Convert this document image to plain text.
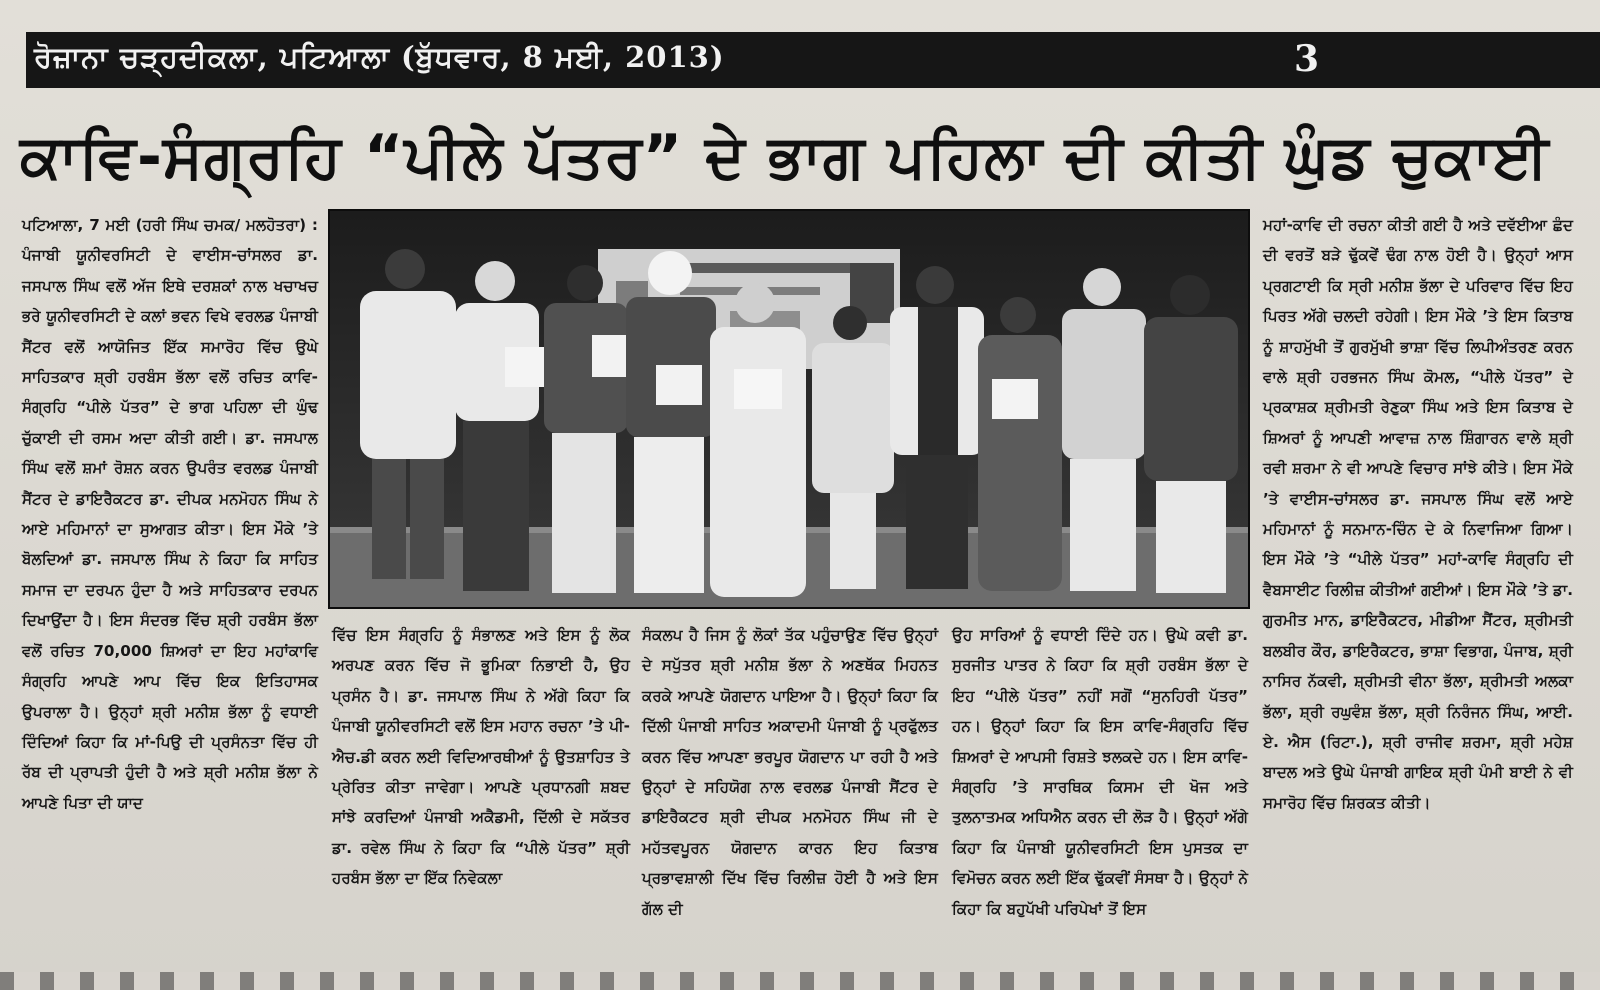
ਰੋਜ਼ਾਨਾ ਚੜ੍ਹਦੀਕਲਾ, ਪਟਿਆਲਾ (ਬੁੱਧਵਾਰ, 8 ਮਈ, 2013)	3
ਕਾਵਿ-ਸੰਗ੍ਰਹਿ “ਪੀਲੇ ਪੱਤਰ” ਦੇ ਭਾਗ ਪਹਿਲਾ ਦੀ ਕੀਤੀ ਘੁੰਡ ਚੁਕਾਈ

ਪਟਿਆਲਾ, 7 ਮਈ (ਹਰੀ ਸਿੰਘ ਚਮਕ/ ਮਲਹੋਤਰਾ) : ਪੰਜਾਬੀ ਯੂਨੀਵਰਸਿਟੀ ਦੇ ਵਾਈਸ-ਚਾਂਸਲਰ ਡਾ. ਜਸਪਾਲ ਸਿੰਘ ਵਲੋਂ ਅੱਜ ਇਥੇ ਦਰਸ਼ਕਾਂ ਨਾਲ ਖਚਾਖਚ ਭਰੇ ਯੂਨੀਵਰਸਿਟੀ ਦੇ ਕਲਾਂ ਭਵਨ ਵਿਖੇ ਵਰਲਡ ਪੰਜਾਬੀ ਸੈਂਟਰ ਵਲੋਂ ਆਯੋਜਿਤ ਇੱਕ ਸਮਾਰੋਹ ਵਿੱਚ ਉਘੇ ਸਾਹਿਤਕਾਰ ਸ਼੍ਰੀ ਹਰਬੰਸ ਭੱਲਾ ਵਲੋਂ ਰਚਿਤ ਕਾਵਿ-ਸੰਗ੍ਰਹਿ “ਪੀਲੇ ਪੱਤਰ” ਦੇ ਭਾਗ ਪਹਿਲਾ ਦੀ ਘੁੰਢ ਚੁੱਕਾਈ ਦੀ ਰਸਮ ਅਦਾ ਕੀਤੀ ਗਈ। ਡਾ. ਜਸਪਾਲ ਸਿੰਘ ਵਲੋਂ ਸ਼ਮਾਂ ਰੋਸ਼ਨ ਕਰਨ ਉਪਰੰਤ ਵਰਲਡ ਪੰਜਾਬੀ ਸੈਂਟਰ ਦੇ ਡਾਇਰੈਕਟਰ ਡਾ. ਦੀਪਕ ਮਨਮੋਹਨ ਸਿੰਘ ਨੇ ਆਏ ਮਹਿਮਾਨਾਂ ਦਾ ਸੁਆਗਤ ਕੀਤਾ। ਇਸ ਮੌਕੇ ’ਤੇ ਬੋਲਦਿਆਂ ਡਾ. ਜਸਪਾਲ ਸਿੰਘ ਨੇ ਕਿਹਾ ਕਿ ਸਾਹਿਤ ਸਮਾਜ ਦਾ ਦਰਪਨ ਹੁੰਦਾ ਹੈ ਅਤੇ ਸਾਹਿਤਕਾਰ ਦਰਪਨ ਦਿਖਾਉਂਦਾ ਹੈ। ਇਸ ਸੰਦਰਭ ਵਿੱਚ ਸ਼੍ਰੀ ਹਰਬੰਸ ਭੱਲਾ ਵਲੋਂ ਰਚਿਤ 70,000 ਸ਼ਿਅਰਾਂ ਦਾ ਇਹ ਮਹਾਂਕਾਵਿ ਸੰਗ੍ਰਹਿ ਆਪਣੇ ਆਪ ਵਿੱਚ ਇਕ ਇਤਿਹਾਸਕ ਉਪਰਾਲਾ ਹੈ। ਉਨ੍ਹਾਂ ਸ਼੍ਰੀ ਮਨੀਸ਼ ਭੱਲਾ ਨੂੰ ਵਧਾਈ ਦਿੰਦਿਆਂ ਕਿਹਾ ਕਿ ਮਾਂ-ਪਿਉ ਦੀ ਪ੍ਰਸੰਨਤਾ ਵਿੱਚ ਹੀ ਰੱਬ ਦੀ ਪ੍ਰਾਪਤੀ ਹੁੰਦੀ ਹੈ ਅਤੇ ਸ਼੍ਰੀ ਮਨੀਸ਼ ਭੱਲਾ ਨੇ ਆਪਣੇ ਪਿਤਾ ਦੀ ਯਾਦ

ਵਿੱਚ ਇਸ ਸੰਗ੍ਰਹਿ ਨੂੰ ਸੰਭਾਲਣ ਅਤੇ ਇਸ ਨੂੰ ਲੋਕ ਅਰਪਣ ਕਰਨ ਵਿੱਚ ਜੋ ਭੂਮਿਕਾ ਨਿਭਾਈ ਹੈ, ਉਹ ਪ੍ਰਸੰਨ ਹੈ। ਡਾ. ਜਸਪਾਲ ਸਿੰਘ ਨੇ ਅੱਗੇ ਕਿਹਾ ਕਿ ਪੰਜਾਬੀ ਯੂਨੀਵਰਸਿਟੀ ਵਲੋਂ ਇਸ ਮਹਾਨ ਰਚਨਾ ’ਤੇ ਪੀ-ਐਚ.ਡੀ ਕਰਨ ਲਈ ਵਿਦਿਆਰਥੀਆਂ ਨੂੰ ਉਤਸ਼ਾਹਿਤ ਤੇ ਪ੍ਰੇਰਿਤ ਕੀਤਾ ਜਾਵੇਗਾ। ਆਪਣੇ ਪ੍ਰਧਾਨਗੀ ਸ਼ਬਦ ਸਾਂਝੇ ਕਰਦਿਆਂ ਪੰਜਾਬੀ ਅਕੈਡਮੀ, ਦਿੱਲੀ ਦੇ ਸਕੱਤਰ ਡਾ. ਰਵੇਲ ਸਿੰਘ ਨੇ ਕਿਹਾ ਕਿ “ਪੀਲੇ ਪੱਤਰ” ਸ਼੍ਰੀ ਹਰਬੰਸ ਭੱਲਾ ਦਾ ਇੱਕ ਨਿਵੇਕਲਾ

ਸੰਕਲਪ ਹੈ ਜਿਸ ਨੂੰ ਲੋਕਾਂ ਤੱਕ ਪਹੁੰਚਾਉਣ ਵਿੱਚ ਉਨ੍ਹਾਂ ਦੇ ਸਪੁੱਤਰ ਸ਼੍ਰੀ ਮਨੀਸ਼ ਭੱਲਾ ਨੇ ਅਣਥੱਕ ਮਿਹਨਤ ਕਰਕੇ ਆਪਣੇ ਯੋਗਦਾਨ ਪਾਇਆ ਹੈ। ਉਨ੍ਹਾਂ ਕਿਹਾ ਕਿ ਦਿੱਲੀ ਪੰਜਾਬੀ ਸਾਹਿਤ ਅਕਾਦਮੀ ਪੰਜਾਬੀ ਨੂੰ ਪ੍ਰਫੁੱਲਤ ਕਰਨ ਵਿੱਚ ਆਪਣਾ ਭਰਪੂਰ ਯੋਗਦਾਨ ਪਾ ਰਹੀ ਹੈ ਅਤੇ ਉਨ੍ਹਾਂ ਦੇ ਸਹਿਯੋਗ ਨਾਲ ਵਰਲਡ ਪੰਜਾਬੀ ਸੈਂਟਰ ਦੇ ਡਾਇਰੈਕਟਰ ਸ਼੍ਰੀ ਦੀਪਕ ਮਨਮੋਹਨ ਸਿੰਘ ਜੀ ਦੇ ਮਹੱਤਵਪੂਰਨ ਯੋਗਦਾਨ ਕਾਰਨ ਇਹ ਕਿਤਾਬ ਪ੍ਰਭਾਵਸ਼ਾਲੀ ਦਿੱਖ ਵਿੱਚ ਰਿਲੀਜ਼ ਹੋਈ ਹੈ ਅਤੇ ਇਸ ਗੱਲ ਦੀ

ਉਹ ਸਾਰਿਆਂ ਨੂੰ ਵਧਾਈ ਦਿੰਦੇ ਹਨ। ਉਘੇ ਕਵੀ ਡਾ. ਸੁਰਜੀਤ ਪਾਤਰ ਨੇ ਕਿਹਾ ਕਿ ਸ਼੍ਰੀ ਹਰਬੰਸ ਭੱਲਾ ਦੇ ਇਹ “ਪੀਲੇ ਪੱਤਰ” ਨਹੀਂ ਸਗੋਂ “ਸੁਨਹਿਰੀ ਪੱਤਰ” ਹਨ। ਉਨ੍ਹਾਂ ਕਿਹਾ ਕਿ ਇਸ ਕਾਵਿ-ਸੰਗ੍ਰਹਿ ਵਿੱਚ ਸ਼ਿਅਰਾਂ ਦੇ ਆਪਸੀ ਰਿਸ਼ਤੇ ਝਲਕਦੇ ਹਨ। ਇਸ ਕਾਵਿ-ਸੰਗ੍ਰਹਿ ’ਤੇ ਸਾਰਥਿਕ ਕਿਸਮ ਦੀ ਖੋਜ ਅਤੇ ਤੁਲਨਾਤਮਕ ਅਧਿਐਨ ਕਰਨ ਦੀ ਲੋੜ ਹੈ। ਉਨ੍ਹਾਂ ਅੱਗੇ ਕਿਹਾ ਕਿ ਪੰਜਾਬੀ ਯੂਨੀਵਰਸਿਟੀ ਇਸ ਪੁਸਤਕ ਦਾ ਵਿਮੋਚਨ ਕਰਨ ਲਈ ਇੱਕ ਢੁੱਕਵੀਂ ਸੰਸਥਾ ਹੈ। ਉਨ੍ਹਾਂ ਨੇ ਕਿਹਾ ਕਿ ਬਹੁਪੱਖੀ ਪਰਿਪੇਖਾਂ ਤੋਂ ਇਸ

ਮਹਾਂ-ਕਾਵਿ ਦੀ ਰਚਨਾ ਕੀਤੀ ਗਈ ਹੈ ਅਤੇ ਦਵੱਈਆ ਛੰਦ ਦੀ ਵਰਤੋਂ ਬੜੇ ਢੁੱਕਵੇਂ ਢੰਗ ਨਾਲ ਹੋਈ ਹੈ। ਉਨ੍ਹਾਂ ਆਸ ਪ੍ਰਗਟਾਈ ਕਿ ਸ੍ਰੀ ਮਨੀਸ਼ ਭੱਲਾ ਦੇ ਪਰਿਵਾਰ ਵਿੱਚ ਇਹ ਪਿਰਤ ਅੱਗੇ ਚਲਦੀ ਰਹੇਗੀ। ਇਸ ਮੌਕੇ ’ਤੇ ਇਸ ਕਿਤਾਬ ਨੂੰ ਸ਼ਾਹਮੁੱਖੀ ਤੋਂ ਗੁਰਮੁੱਖੀ ਭਾਸ਼ਾ ਵਿੱਚ ਲਿਪੀਅੰਤਰਣ ਕਰਨ ਵਾਲੇ ਸ਼੍ਰੀ ਹਰਭਜਨ ਸਿੰਘ ਕੋਮਲ, “ਪੀਲੇ ਪੱਤਰ” ਦੇ ਪ੍ਰਕਾਸ਼ਕ ਸ਼੍ਰੀਮਤੀ ਰੇਣੁਕਾ ਸਿੰਘ ਅਤੇ ਇਸ ਕਿਤਾਬ ਦੇ ਸ਼ਿਅਰਾਂ ਨੂੰ ਆਪਣੀ ਆਵਾਜ਼ ਨਾਲ ਸ਼ਿੰਗਾਰਨ ਵਾਲੇ ਸ਼੍ਰੀ ਰਵੀ ਸ਼ਰਮਾ ਨੇ ਵੀ ਆਪਣੇ ਵਿਚਾਰ ਸਾਂਝੇ ਕੀਤੇ। ਇਸ ਮੌਕੇ ’ਤੇ ਵਾਈਸ-ਚਾਂਸਲਰ ਡਾ. ਜਸਪਾਲ ਸਿੰਘ ਵਲੋਂ ਆਏ ਮਹਿਮਾਨਾਂ ਨੂੰ ਸਨਮਾਨ-ਚਿੰਨ ਦੇ ਕੇ ਨਿਵਾਜਿਆ ਗਿਆ। ਇਸ ਮੌਕੇ ’ਤੇ “ਪੀਲੇ ਪੱਤਰ” ਮਹਾਂ-ਕਾਵਿ ਸੰਗ੍ਰਹਿ ਦੀ ਵੈਬਸਾਈਟ ਰਿਲੀਜ਼ ਕੀਤੀਆਂ ਗਈਆਂ। ਇਸ ਮੌਕੇ ’ਤੇ ਡਾ. ਗੁਰਮੀਤ ਮਾਨ, ਡਾਇਰੈਕਟਰ, ਮੀਡੀਆ ਸੈਂਟਰ, ਸ਼੍ਰੀਮਤੀ ਬਲਬੀਰ ਕੌਰ, ਡਾਇਰੈਕਟਰ, ਭਾਸ਼ਾ ਵਿਭਾਗ, ਪੰਜਾਬ, ਸ਼੍ਰੀ ਨਾਸਿਰ ਨੱਕਵੀ, ਸ਼੍ਰੀਮਤੀ ਵੀਨਾ ਭੱਲਾ, ਸ਼੍ਰੀਮਤੀ ਅਲਕਾ ਭੱਲਾ, ਸ਼੍ਰੀ ਰਘੁਵੰਸ਼ ਭੱਲਾ, ਸ਼੍ਰੀ ਨਿਰੰਜਨ ਸਿੰਘ, ਆਈ. ਏ. ਐਸ (ਰਿਟਾ.), ਸ਼੍ਰੀ ਰਾਜੀਵ ਸ਼ਰਮਾ, ਸ਼੍ਰੀ ਮਹੇਸ਼ ਬਾਦਲ ਅਤੇ ਉਘੇ ਪੰਜਾਬੀ ਗਾਇਕ ਸ਼੍ਰੀ ਪੰਮੀ ਬਾਈ ਨੇ ਵੀ ਸਮਾਰੋਹ ਵਿੱਚ ਸ਼ਿਰਕਤ ਕੀਤੀ।
